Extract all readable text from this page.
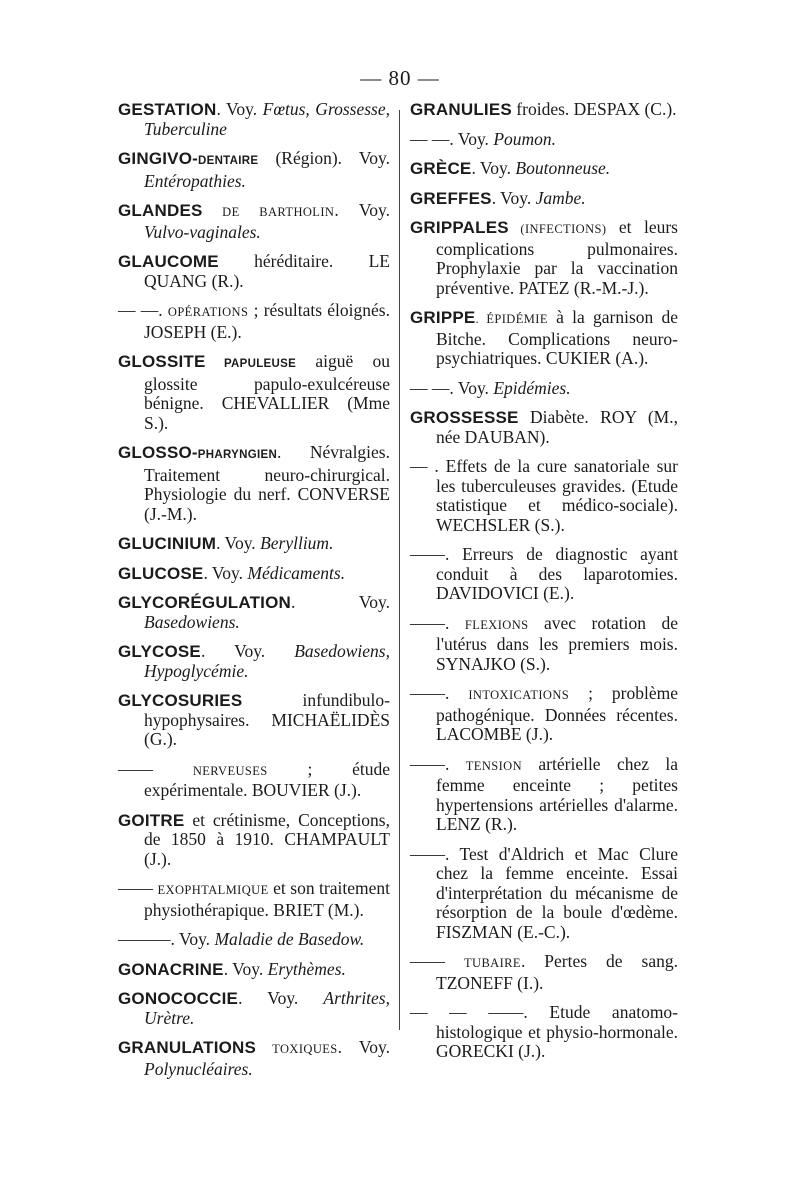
— 80 —
GESTATION. Voy. Fœtus, Grossesse, Tuberculine
GINGIVO-DENTAIRE (Région). Voy. Entéropathies.
GLANDES DE BARTHOLIN. Voy. Vulvo-vaginales.
GLAUCOME héréditaire. LE QUANG (R.).
— —. OPÉRATIONS ; résultats éloignés. JOSEPH (E.).
GLOSSITE PAPULEUSE aiguë ou glossite papulo-exulcéreuse bénigne. CHEVALLIER (Mme S.).
GLOSSO-PHARYNGIEN. Névralgies. Traitement neuro-chirurgical. Physiologie du nerf. CONVERSE (J.-M.).
GLUCINIUM. Voy. Beryllium.
GLUCOSE. Voy. Médicaments.
GLYCORÉGULATION. Voy. Basedowiens.
GLYCOSE. Voy. Basedowiens, Hypoglycémie.
GLYCOSURIES infundibulo-hypophysaires. MICHAËLIDÈS (G.).
—— NERVEUSES ; étude expérimentale. BOUVIER (J.).
GOITRE et crétinisme, Conceptions, de 1850 à 1910. CHAMPAULT (J.).
—— EXOPHTALMIQUE et son traitement physiothérapique. BRIET (M.).
———. Voy. Maladie de Basedow.
GONACRINE. Voy. Erythèmes.
GONOCOCCIE. Voy. Arthrites, Urètre.
GRANULATIONS TOXIQUES. Voy. Polynucléaires.
GRANULIES froides. DESPAX (C.).
— —. Voy. Poumon.
GRÈCE. Voy. Boutonneuse.
GREFFES. Voy. Jambe.
GRIPPALES (INFECTIONS) et leurs complications pulmonaires. Prophylaxie par la vaccination préventive. PATEZ (R.-M.-J.).
GRIPPE. ÉPIDÉMIE à la garnison de Bitche. Complications neuro-psychiatriques. CUKIER (A.).
— —. Voy. Epidémies.
GROSSESSE Diabète. ROY (M., née DAUBAN).
— . Effets de la cure sanatoriale sur les tuberculeuses gravides. (Etude statistique et médico-sociale). WECHSLER (S.).
——. Erreurs de diagnostic ayant conduit à des laparotomies. DAVIDOVICI (E.).
——. FLEXIONS avec rotation de l'utérus dans les premiers mois. SYNAJKO (S.).
——. INTOXICATIONS ; problème pathogénique. Données récentes. LACOMBE (J.).
——. TENSION artérielle chez la femme enceinte ; petites hypertensions artérielles d'alarme. LENZ (R.).
——. Test d'Aldrich et Mac Clure chez la femme enceinte. Essai d'interprétation du mécanisme de résorption de la boule d'œdème. FISZMAN (E.-C.).
—— TUBAIRE. Pertes de sang. TZONEFF (I.).
— — ——. Etude anatomo-histologique et physio-hormonale. GORECKI (J.).
